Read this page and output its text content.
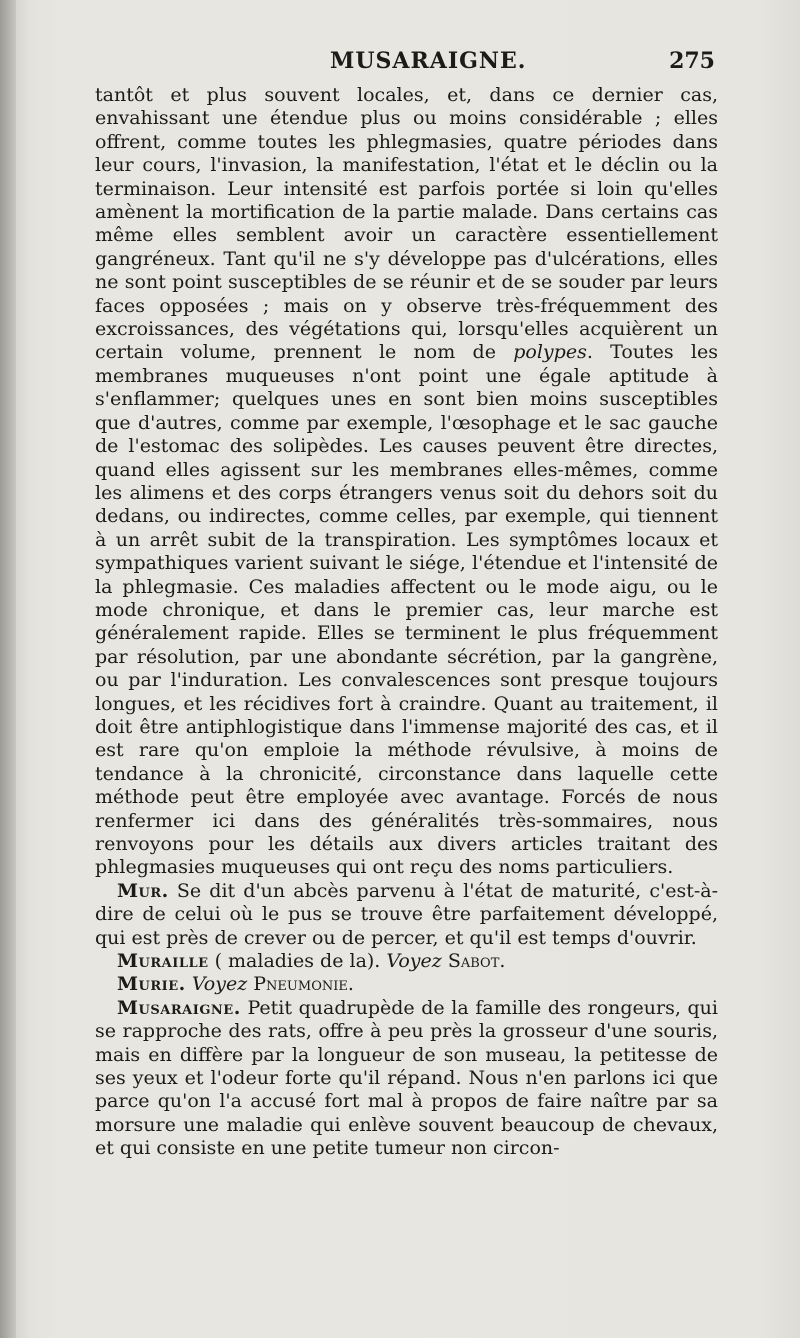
MUSARAIGNE.	275

tantôt et plus souvent locales, et, dans ce dernier cas, envahissant une étendue plus ou moins considérable ; elles offrent, comme toutes les phlegmasies, quatre périodes dans leur cours, l'invasion, la manifestation, l'état et le déclin ou la terminaison. Leur intensité est parfois portée si loin qu'elles amènent la mortification de la partie malade. Dans certains cas même elles semblent avoir un caractère essentiellement gangréneux. Tant qu'il ne s'y développe pas d'ulcérations, elles ne sont point susceptibles de se réunir et de se souder par leurs faces opposées ; mais on y observe très-fréquemment des excroissances, des végétations qui, lorsqu'elles acquièrent un certain volume, prennent le nom de polypes. Toutes les membranes muqueuses n'ont point une égale aptitude à s'enflammer; quelques unes en sont bien moins susceptibles que d'autres, comme par exemple, l'œsophage et le sac gauche de l'estomac des solipèdes. Les causes peuvent être directes, quand elles agissent sur les membranes elles-mêmes, comme les alimens et des corps étrangers venus soit du dehors soit du dedans, ou indirectes, comme celles, par exemple, qui tiennent à un arrêt subit de la transpiration. Les symptômes locaux et sympathiques varient suivant le siége, l'étendue et l'intensité de la phlegmasie. Ces maladies affectent ou le mode aigu, ou le mode chronique, et dans le premier cas, leur marche est généralement rapide. Elles se terminent le plus fréquemment par résolution, par une abondante sécrétion, par la gangrène, ou par l'induration. Les convalescences sont presque toujours longues, et les récidives fort à craindre. Quant au traitement, il doit être antiphlogistique dans l'immense majorité des cas, et il est rare qu'on emploie la méthode révulsive, à moins de tendance à la chronicité, circonstance dans laquelle cette méthode peut être employée avec avantage. Forcés de nous renfermer ici dans des généralités très-sommaires, nous renvoyons pour les détails aux divers articles traitant des phlegmasies muqueuses qui ont reçu des noms particuliers.

Mur. Se dit d'un abcès parvenu à l'état de maturité, c'est-à-dire de celui où le pus se trouve être parfaitement développé, qui est près de crever ou de percer, et qu'il est temps d'ouvrir.

Muraille ( maladies de la). Voyez Sabot.

Murie. Voyez Pneumonie.

Musaraigne. Petit quadrupède de la famille des rongeurs, qui se rapproche des rats, offre à peu près la grosseur d'une souris, mais en diffère par la longueur de son museau, la petitesse de ses yeux et l'odeur forte qu'il répand. Nous n'en parlons ici que parce qu'on l'a accusé fort mal à propos de faire naître par sa morsure une maladie qui enlève souvent beaucoup de chevaux, et qui consiste en une petite tumeur non circon-
